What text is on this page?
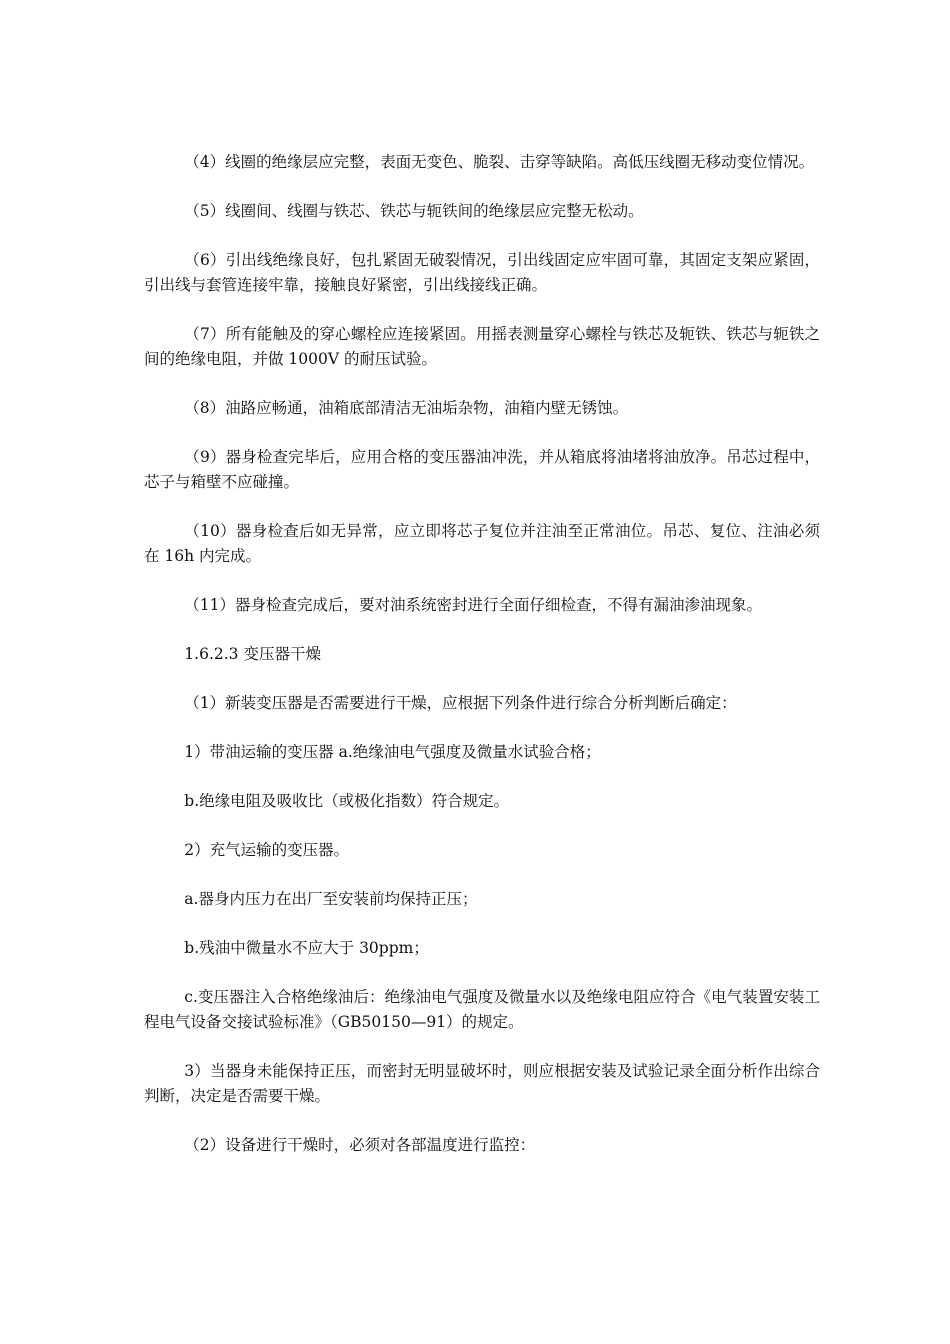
（4）线圈的绝缘层应完整，表面无变色、脆裂、击穿等缺陷。高低压线圈无移动变位情况。

（5）线圈间、线圈与铁芯、铁芯与轭铁间的绝缘层应完整无松动。

（6）引出线绝缘良好，包扎紧固无破裂情况，引出线固定应牢固可靠，其固定支架应紧固，引出线与套管连接牢靠，接触良好紧密，引出线接线正确。

（7）所有能触及的穿心螺栓应连接紧固。用摇表测量穿心螺栓与铁芯及轭铁、铁芯与轭铁之间的绝缘电阻，并做 1000V 的耐压试验。

（8）油路应畅通，油箱底部清洁无油垢杂物，油箱内壁无锈蚀。

（9）器身检查完毕后，应用合格的变压器油冲洗，并从箱底将油堵将油放净。吊芯过程中，芯子与箱壁不应碰撞。

（10）器身检查后如无异常，应立即将芯子复位并注油至正常油位。吊芯、复位、注油必须在 16h 内完成。

（11）器身检查完成后，要对油系统密封进行全面仔细检查，不得有漏油渗油现象。

1.6.2.3 变压器干燥

（1）新装变压器是否需要进行干燥，应根据下列条件进行综合分析判断后确定：

1）带油运输的变压器 a.绝缘油电气强度及微量水试验合格；

b.绝缘电阻及吸收比（或极化指数）符合规定。

2）充气运输的变压器。

a.器身内压力在出厂至安装前均保持正压；

b.残油中微量水不应大于 30ppm；

c.变压器注入合格绝缘油后：绝缘油电气强度及微量水以及绝缘电阻应符合《电气装置安装工程电气设备交接试验标准》（GB50150—91）的规定。

3）当器身未能保持正压，而密封无明显破坏时，则应根据安装及试验记录全面分析作出综合判断，决定是否需要干燥。

（2）设备进行干燥时，必须对各部温度进行监控：
